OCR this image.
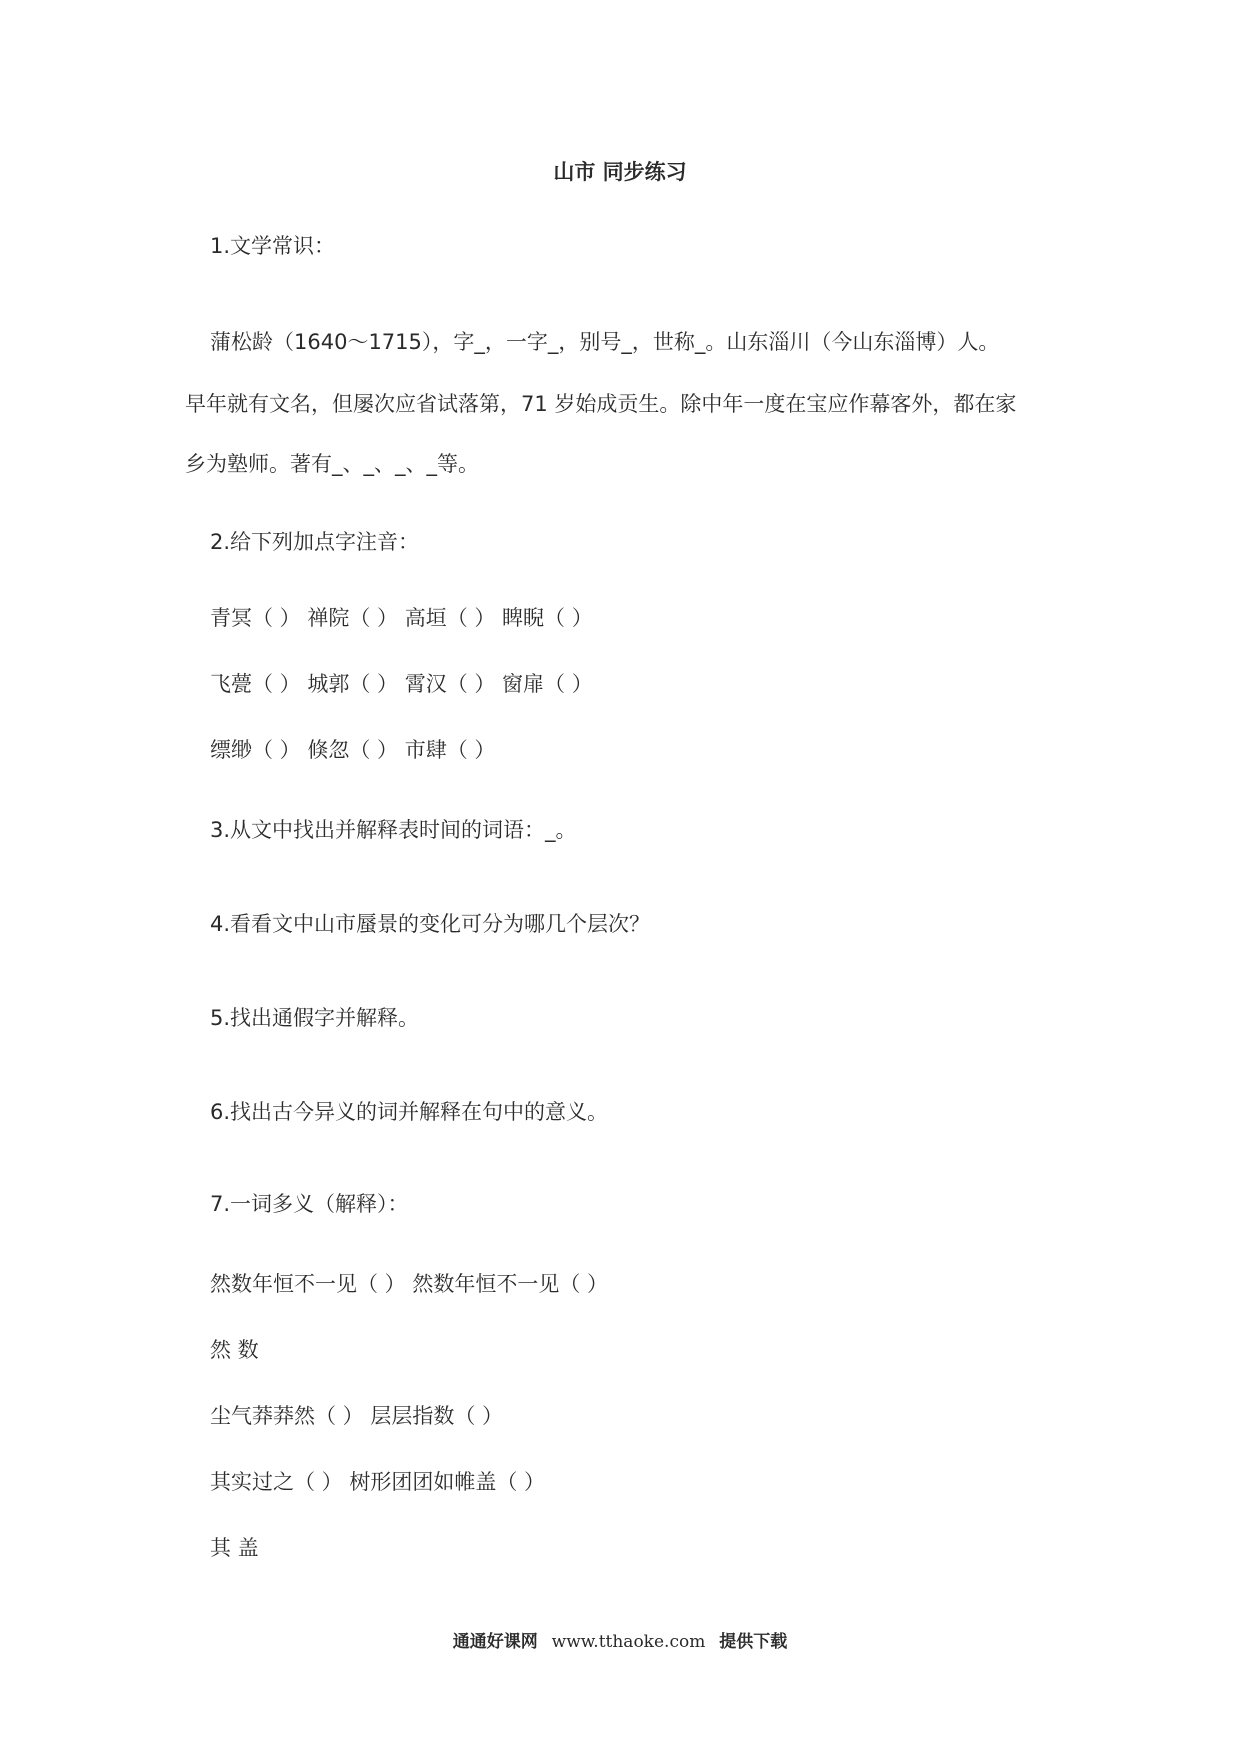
山市 同步练习
1.文学常识：
蒲松龄（1640～1715），字_，一字_，别号_，世称_。山东淄川（今山东淄博）人。
早年就有文名，但屡次应省试落第，71 岁始成贡生。除中年一度在宝应作幕客外，都在家
乡为塾师。著有_、_、_、_等。
2.给下列加点字注音：
青冥（ ） 禅院（ ） 高垣（ ） 睥睨（ ）
飞甍（ ） 城郭（ ） 霄汉（ ） 窗扉（ ）
缥缈（ ） 倏忽（ ） 市肆（ ）
3.从文中找出并解释表时间的词语：_。
4.看看文中山市蜃景的变化可分为哪几个层次？
5.找出通假字并解释。
6.找出古今异义的词并解释在句中的意义。
7.一词多义（解释）：
然数年恒不一见（ ） 然数年恒不一见（ ）
然 数
尘气莽莽然（ ） 层层指数（ ）
其实过之（ ） 树形团团如帷盖（ ）
其 盖
通通好课网 www.tthaoke.com 提供下载
